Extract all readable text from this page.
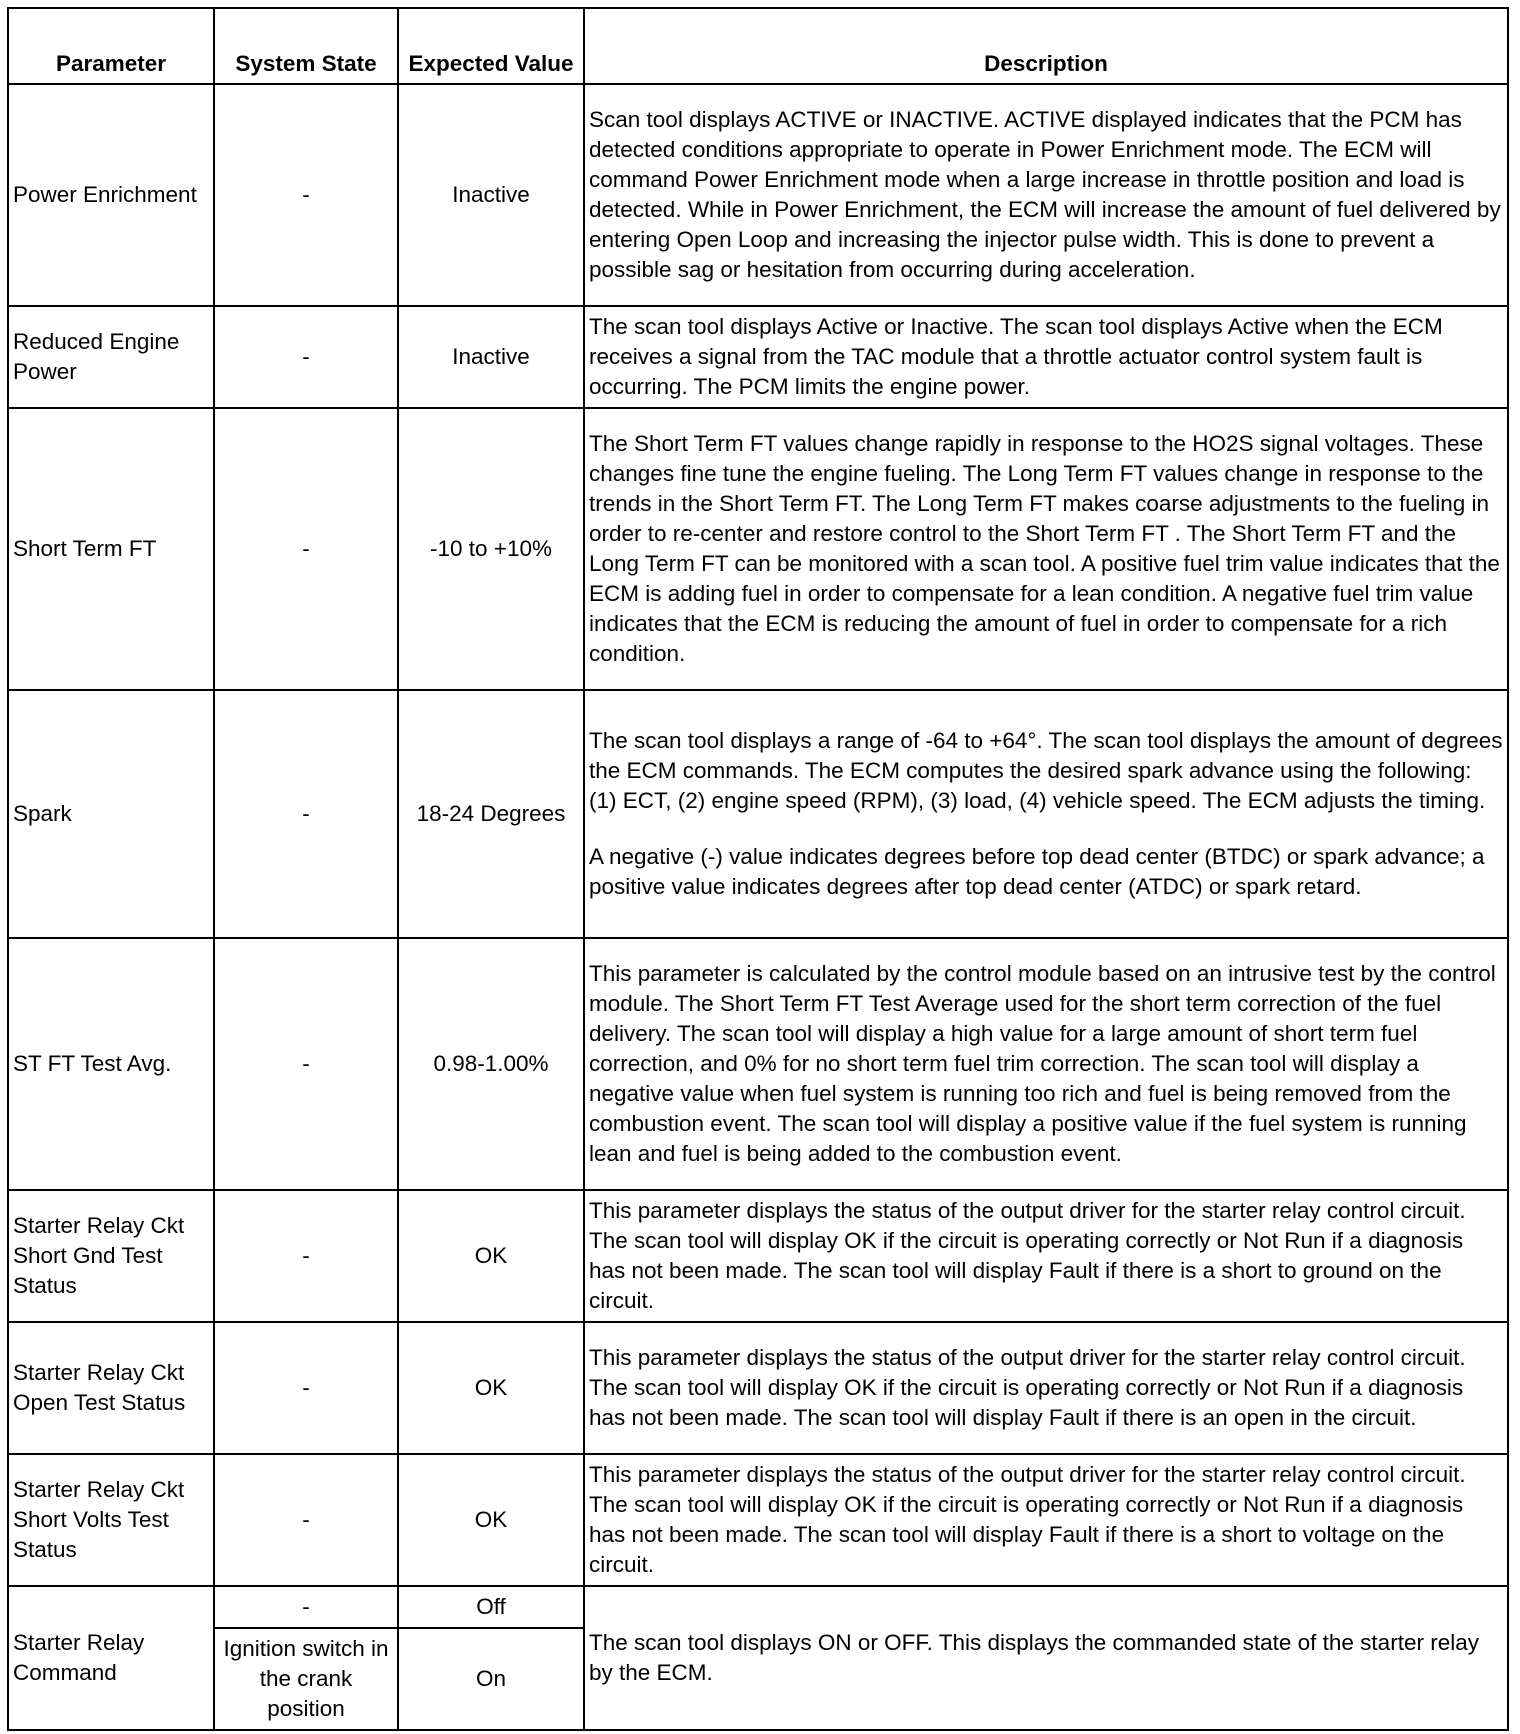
Parameter	System State	Expected Value	Description
Power Enrichment	-	Inactive	Scan tool displays ACTIVE or INACTIVE. ACTIVE displayed indicates that the PCM has detected conditions appropriate to operate in Power Enrichment mode. The ECM will command Power Enrichment mode when a large increase in throttle position and load is detected. While in Power Enrichment, the ECM will increase the amount of fuel delivered by entering Open Loop and increasing the injector pulse width. This is done to prevent a possible sag or hesitation from occurring during acceleration.

Reduced Engine Power	-	Inactive	The scan tool displays Active or Inactive. The scan tool displays Active when the ECM receives a signal from the TAC module that a throttle actuator control system fault is occurring. The PCM limits the engine power.

Short Term FT	-	-10 to +10%	The Short Term FT values change rapidly in response to the HO2S signal voltages. These changes fine tune the engine fueling. The Long Term FT values change in response to the trends in the Short Term FT. The Long Term FT makes coarse adjustments to the fueling in order to re-center and restore control to the Short Term FT . The Short Term FT and the Long Term FT can be monitored with a scan tool. A positive fuel trim value indicates that the ECM is adding fuel in order to compensate for a lean condition. A negative fuel trim value indicates that the ECM is reducing the amount of fuel in order to compensate for a rich condition.

Spark	-	18-24 Degrees	The scan tool displays a range of -64 to +64°. The scan tool displays the amount of degrees the ECM commands. The ECM computes the desired spark advance using the following: (1) ECT, (2) engine speed (RPM), (3) load, (4) vehicle speed. The ECM adjusts the timing.

A negative (-) value indicates degrees before top dead center (BTDC) or spark advance; a positive value indicates degrees after top dead center (ATDC) or spark retard.

ST FT Test Avg.	-	0.98-1.00%	This parameter is calculated by the control module based on an intrusive test by the control module. The Short Term FT Test Average used for the short term correction of the fuel delivery. The scan tool will display a high value for a large amount of short term fuel correction, and 0% for no short term fuel trim correction. The scan tool will display a negative value when fuel system is running too rich and fuel is being removed from the combustion event. The scan tool will display a positive value if the fuel system is running lean and fuel is being added to the combustion event.

Starter Relay Ckt Short Gnd Test Status	-	OK	This parameter displays the status of the output driver for the starter relay control circuit. The scan tool will display OK if the circuit is operating correctly or Not Run if a diagnosis has not been made. The scan tool will display Fault if there is a short to ground on the circuit.

Starter Relay Ckt Open Test Status	-	OK	This parameter displays the status of the output driver for the starter relay control circuit. The scan tool will display OK if the circuit is operating correctly or Not Run if a diagnosis has not been made. The scan tool will display Fault if there is an open in the circuit.

Starter Relay Ckt Short Volts Test Status	-	OK	This parameter displays the status of the output driver for the starter relay control circuit. The scan tool will display OK if the circuit is operating correctly or Not Run if a diagnosis has not been made. The scan tool will display Fault if there is a short to voltage on the circuit.

Starter Relay Command	-	Off	The scan tool displays ON or OFF. This displays the commanded state of the starter relay by the ECM.

	Ignition switch in the crank position	On	
